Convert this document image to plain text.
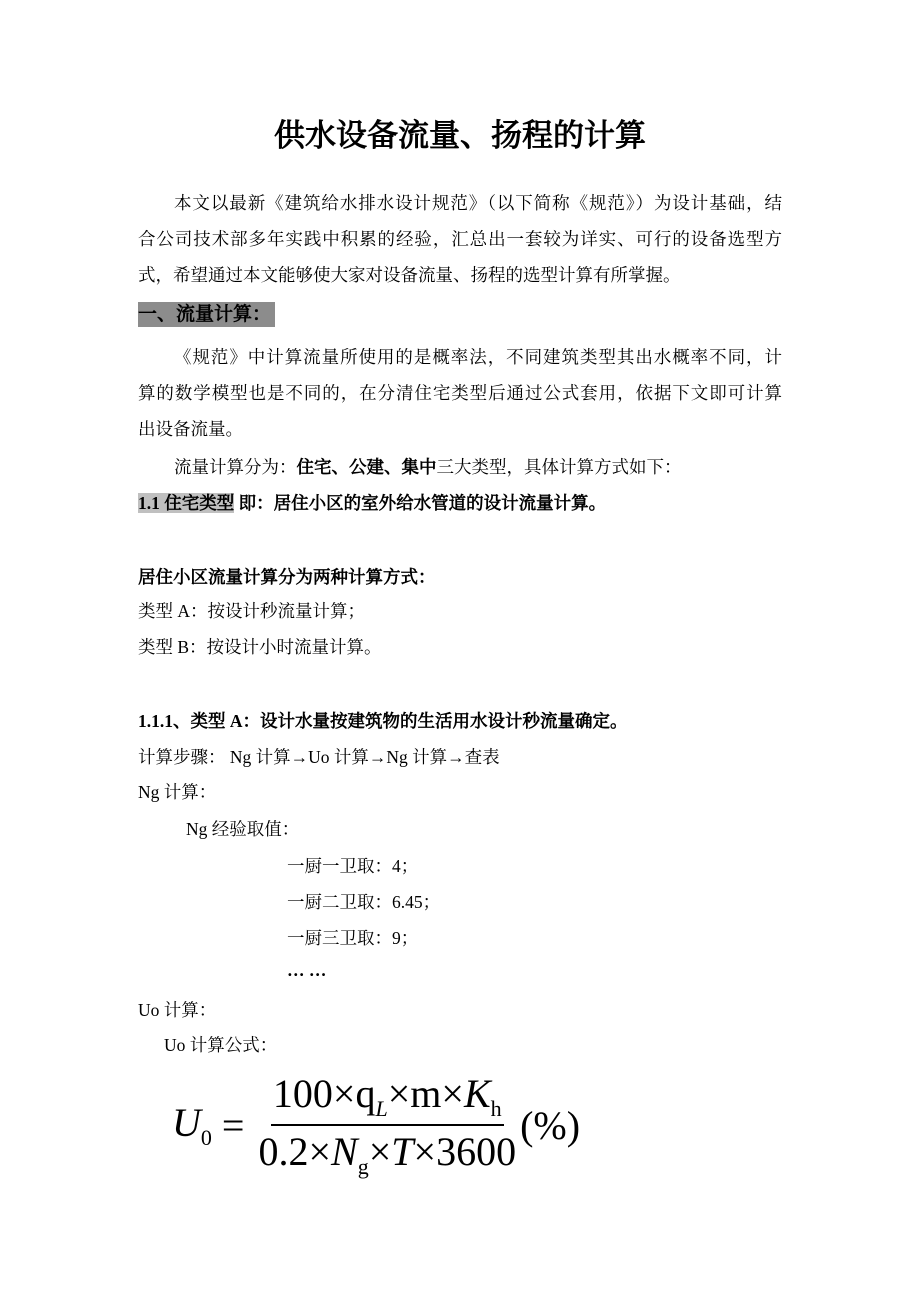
供水设备流量、扬程的计算
本文以最新《建筑给水排水设计规范》（以下简称《规范》）为设计基础，结
合公司技术部多年实践中积累的经验，汇总出一套较为详实、可行的设备选型方
式，希望通过本文能够使大家对设备流量、扬程的选型计算有所掌握。
一、流量计算：
《规范》中计算流量所使用的是概率法，不同建筑类型其出水概率不同，计
算的数学模型也是不同的，在分清住宅类型后通过公式套用，依据下文即可计算
出设备流量。
流量计算分为：住宅、公建、集中三大类型，具体计算方式如下：
1.1 住宅类型 即：居住小区的室外给水管道的设计流量计算。
居住小区流量计算分为两种计算方式：
类型 A：按设计秒流量计算；
类型 B：按设计小时流量计算。
1.1.1、类型 A：设计水量按建筑物的生活用水设计秒流量确定。
计算步骤： Ng 计算→Uo 计算→Ng 计算→查表
Ng 计算：
Ng 经验取值：
一厨一卫取：4；
一厨二卫取：6.45；
一厨三卫取：9；
… …
Uo 计算：
Uo 计算公式：
$U_0 = \frac{100\times q_L\times m\times K_h}{0.2\times N_g\times T\times 3600}$ (%)
